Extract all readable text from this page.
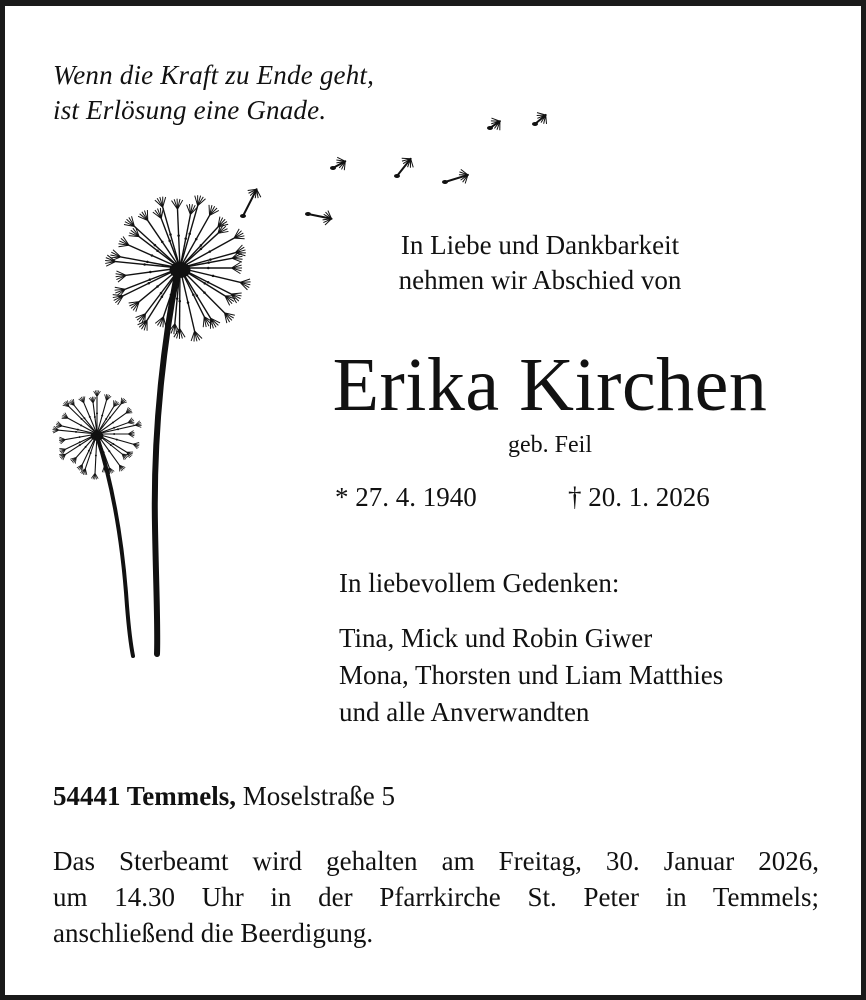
Wenn die Kraft zu Ende geht,
ist Erlösung eine Gnade.

In Liebe und Dankbarkeit
nehmen wir Abschied von
Erika Kirchen
geb. Feil
* 27. 4. 1940	† 20. 1. 2026
In liebevollem Gedenken:
Tina, Mick und Robin Giwer
Mona, Thorsten und Liam Matthies
und alle Anverwandten
54441 Temmels, Moselstraße 5
Das Sterbeamt wird gehalten am Freitag, 30. Januar 2026,
um 14.30 Uhr in der Pfarrkirche St. Peter in Temmels;
anschließend die Beerdigung.
